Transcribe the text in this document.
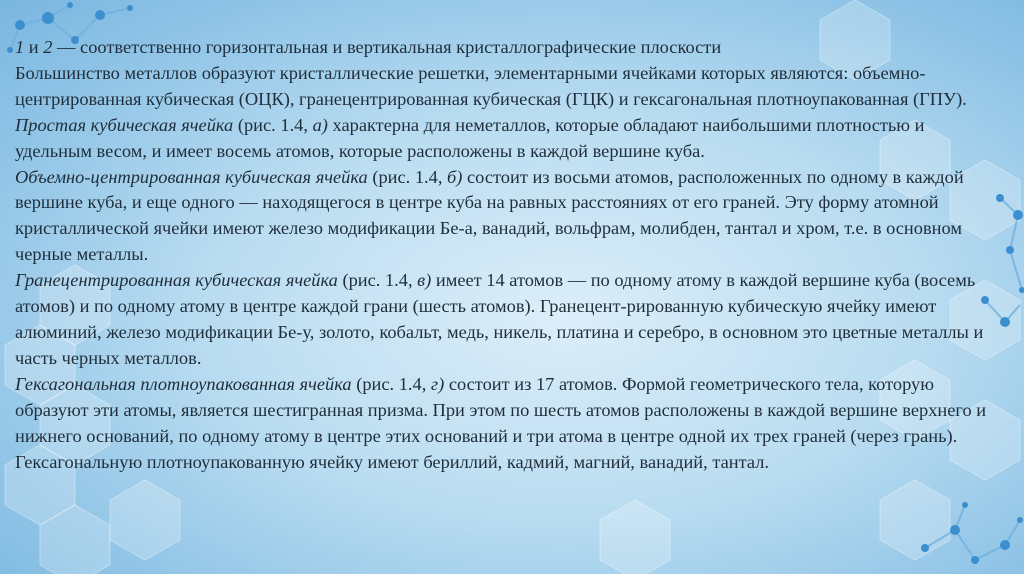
1 и 2 — соответственно горизонтальная и вертикальная кристаллографические плоскости

Большинство металлов образуют кристаллические решетки, элементарными ячейками которых являются: объемно-центрированная кубическая (ОЦК), гранецентрированная кубическая (ГЦК) и гексагональная плотноупакованная (ГПУ).

Простая кубическая ячейка (рис. 1.4, а) характерна для неметаллов, которые обладают наибольшими плотностью и удельным весом, и имеет восемь атомов, которые расположены в каждой вершине куба.

Объемно-центрированная кубическая ячейка (рис. 1.4, б) состоит из восьми атомов, расположенных по одному в каждой вершине куба, и еще одного — находящегося в центре куба на равных расстояниях от его граней. Эту форму атомной кристаллической ячейки имеют железо модификации Бе-а, ванадий, вольфрам, молибден, тантал и хром, т.е. в основном черные металлы.

Гранецентрированная кубическая ячейка (рис. 1.4, в) имеет 14 атомов — по одному атому в каждой вершине куба (восемь атомов) и по одному атому в центре каждой грани (шесть атомов). Гранецент-рированную кубическую ячейку имеют алюминий, железо модификации Бе-у, золото, кобальт, медь, никель, платина и серебро, в основном это цветные металлы и часть черных металлов.

Гексагональная плотноупакованная ячейка (рис. 1.4, г) состоит из 17 атомов. Формой геометрического тела, которую образуют эти атомы, является шестигранная призма. При этом по шесть атомов расположены в каждой вершине верхнего и нижнего оснований, по одному атому в центре этих оснований и три атома в центре одной их трех граней (через грань). Гексагональную плотноупакованную ячейку имеют бериллий, кадмий, магний, ванадий, тантал.
